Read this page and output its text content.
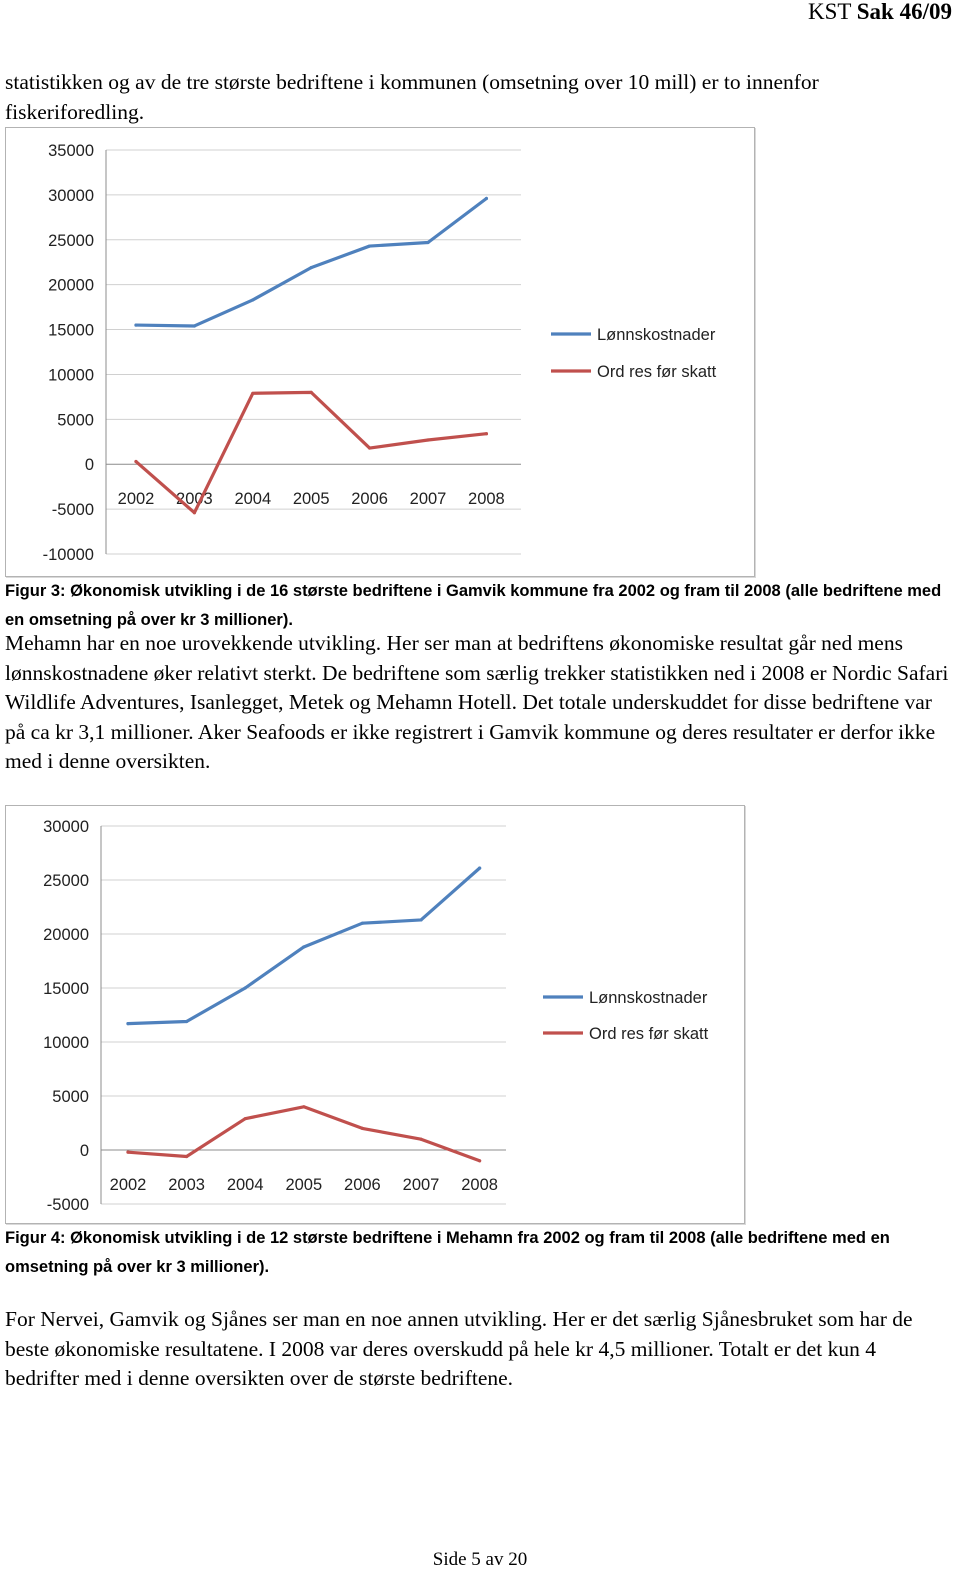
KST Sak 46/09

statistikken og av de tre største bedriftene i kommunen (omsetning over 10 mill) er to innenfor fiskeriforedling.

35000
30000
25000
20000
15000
10000
5000
0
-5000
-10000
2002 2003 2004 2005 2006 2007 2008
Lønnskostnader
Ord res før skatt

Figur 3: Økonomisk utvikling i de 16 største bedriftene i Gamvik kommune fra 2002 og fram til 2008 (alle bedriftene med en omsetning på over kr 3 millioner).

Mehamn har en noe urovekkende utvikling. Her ser man at bedriftens økonomiske resultat går ned mens lønnskostnadene øker relativt sterkt. De bedriftene som særlig trekker statistikken ned i 2008 er Nordic Safari Wildlife Adventures, Isanlegget, Metek og Mehamn Hotell. Det totale underskuddet for disse bedriftene var på ca kr 3,1 millioner. Aker Seafoods er ikke registrert i Gamvik kommune og deres resultater er derfor ikke med i denne oversikten.

30000
25000
20000
15000
10000
5000
0
-5000
2002 2003 2004 2005 2006 2007 2008
Lønnskostnader
Ord res før skatt

Figur 4: Økonomisk utvikling i de 12 største bedriftene i Mehamn fra 2002 og fram til 2008 (alle bedriftene med en omsetning på over kr 3 millioner).

For Nervei, Gamvik og Sjånes ser man en noe annen utvikling. Her er det særlig Sjånesbruket som har de beste økonomiske resultatene. I 2008 var deres overskudd på hele kr 4,5 millioner. Totalt er det kun 4 bedrifter med i denne oversikten over de største bedriftene.

Side 5 av 20
